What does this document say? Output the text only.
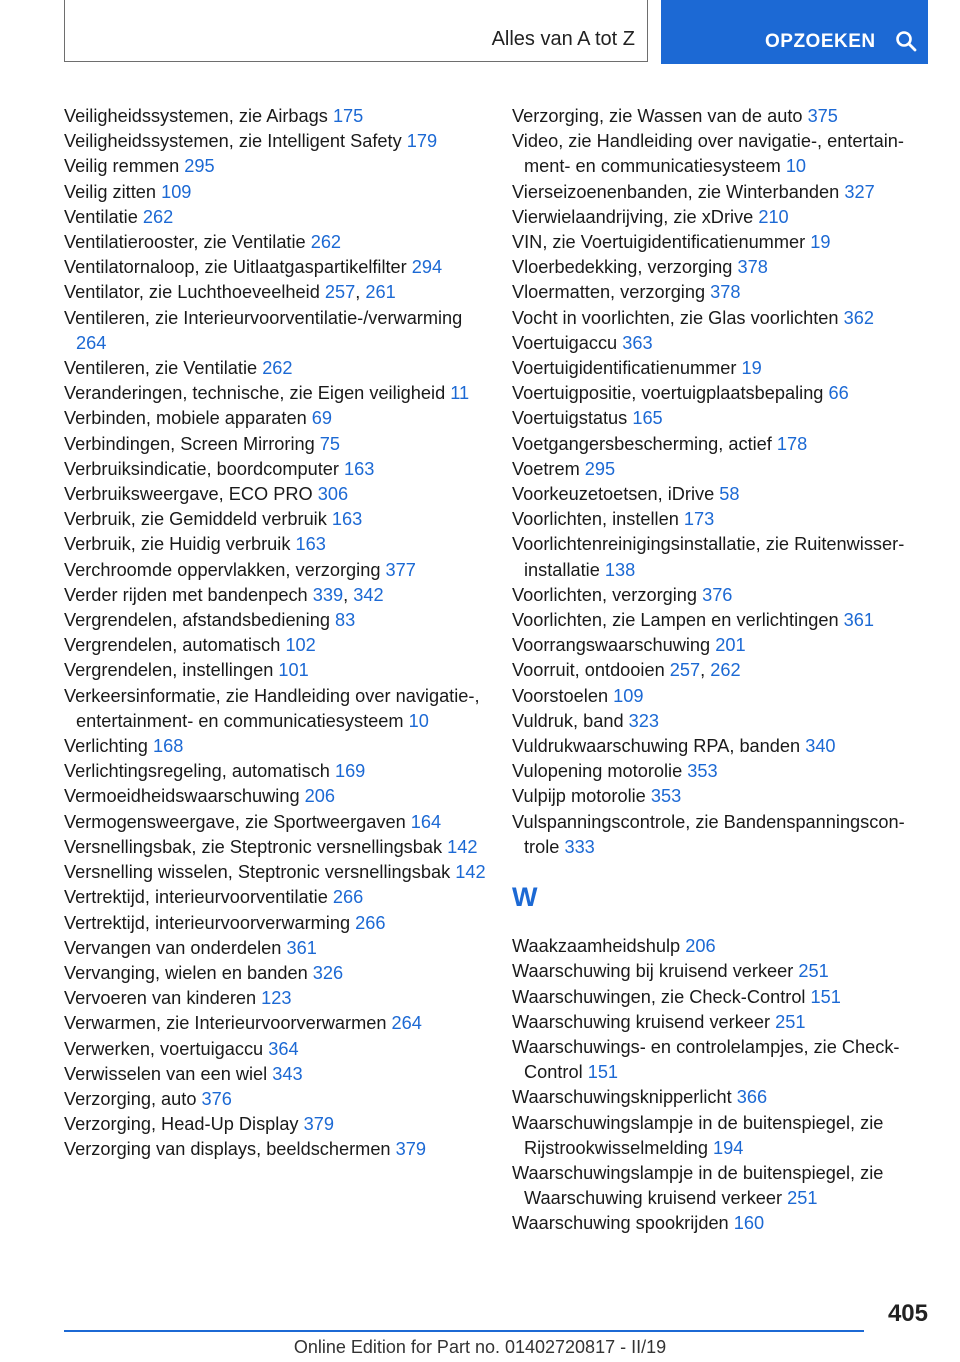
Alles van A tot Z	OPZOEKEN

Veiligheidssystemen, zie Airbags 175

Veiligheidssystemen, zie Intelligent Safety 179

Veilig remmen 295

Veilig zitten 109

Ventilatie 262

Ventilatierooster, zie Ventilatie 262

Ventilatornaloop, zie Uitlaatgaspartikelfilter 294

Ventilator, zie Luchthoeveelheid 257, 261

Ventileren, zie Interieurvoorventilatie-/verwarming 264

Ventileren, zie Ventilatie 262

Veranderingen, technische, zie Eigen veiligheid 11

Verbinden, mobiele apparaten 69

Verbindingen, Screen Mirroring 75

Verbruiksindicatie, boordcomputer 163

Verbruiksweergave, ECO PRO 306

Verbruik, zie Gemiddeld verbruik 163

Verbruik, zie Huidig verbruik 163

Verchroomde oppervlakken, verzorging 377

Verder rijden met bandenpech 339, 342

Vergrendelen, afstandsbediening 83

Vergrendelen, automatisch 102

Vergrendelen, instellingen 101

Verkeersinformatie, zie Handleiding over navigatie-, entertainment- en communicatiesysteem 10

Verlichting 168

Verlichtingsregeling, automatisch 169

Vermoeidheidswaarschuwing 206

Vermogensweergave, zie Sportweergaven 164

Versnellingsbak, zie Steptronic versnellingsbak 142

Versnelling wisselen, Steptronic versnellingsbak 142

Vertrektijd, interieurvoorventilatie 266

Vertrektijd, interieurvoorverwarming 266

Vervangen van onderdelen 361

Vervanging, wielen en banden 326

Vervoeren van kinderen 123

Verwarmen, zie Interieurvoorverwarmen 264

Verwerken, voertuigaccu 364

Verwisselen van een wiel 343

Verzorging, auto 376

Verzorging, Head-Up Display 379

Verzorging van displays, beeldschermen 379

Verzorging, zie Wassen van de auto 375

Video, zie Handleiding over navigatie-, entertainment- en communicatiesysteem 10

Vierseizoenenbanden, zie Winterbanden 327

Vierwielaandrijving, zie xDrive 210

VIN, zie Voertuigidentificatienummer 19

Vloerbedekking, verzorging 378

Vloermatten, verzorging 378

Vocht in voorlichten, zie Glas voorlichten 362

Voertuigaccu 363

Voertuigidentificatienummer 19

Voertuigpositie, voertuigplaatsbepaling 66

Voertuigstatus 165

Voetgangersbescherming, actief 178

Voetrem 295

Voorkeuzetoetsen, iDrive 58

Voorlichten, instellen 173

Voorlichtenreinigingsinstallatie, zie Ruitenwisserinstallatie 138

Voorlichten, verzorging 376

Voorlichten, zie Lampen en verlichtingen 361

Voorrangswaarschuwing 201

Voorruit, ontdooien 257, 262

Voorstoelen 109

Vuldruk, band 323

Vuldrukwaarschuwing RPA, banden 340

Vulopening motorolie 353

Vulpijp motorolie 353

Vulspanningscontrole, zie Bandenspanningscontrole 333

W

Waakzaamheidshulp 206

Waarschuwing bij kruisend verkeer 251

Waarschuwingen, zie Check-Control 151

Waarschuwing kruisend verkeer 251

Waarschuwings- en controlelampjes, zie Check-Control 151

Waarschuwingsknipperlicht 366

Waarschuwingslampje in de buitenspiegel, zie Rijstrookwisselmelding 194

Waarschuwingslampje in de buitenspiegel, zie Waarschuwing kruisend verkeer 251

Waarschuwing spookrijden 160

405
Online Edition for Part no. 01402720817 - II/19
